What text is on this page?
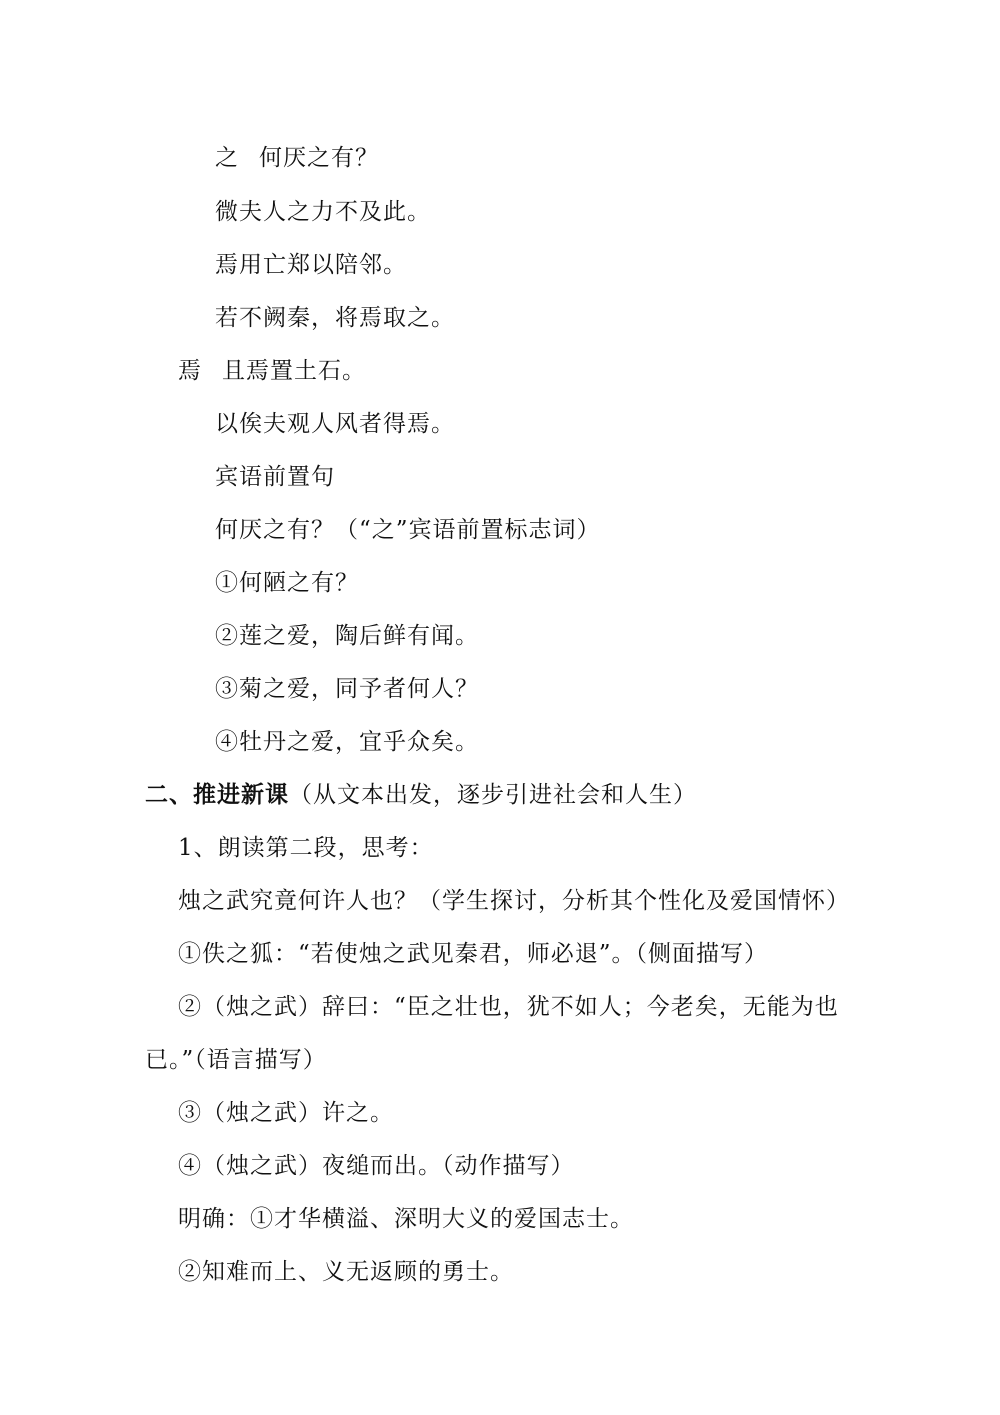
之 何厌之有？
微夫人之力不及此。
焉用亡郑以陪邻。
若不阙秦，将焉取之。
焉 且焉置土石。
以俟夫观人风者得焉。
宾语前置句
何厌之有？（“之”宾语前置标志词）
①何陋之有？
②莲之爱，陶后鲜有闻。
③菊之爱，同予者何人？
④牡丹之爱，宜乎众矣。
二、推进新课（从文本出发，逐步引进社会和人生）
1、朗读第二段，思考：
烛之武究竟何许人也？（学生探讨，分析其个性化及爱国情怀）
①佚之狐：“若使烛之武见秦君，师必退”。（侧面描写）
②（烛之武）辞曰：“臣之壮也，犹不如人；今老矣，无能为也
已。”（语言描写）
③（烛之武）许之。
④（烛之武）夜缒而出。（动作描写）
明确：①才华横溢、深明大义的爱国志士。
②知难而上、义无返顾的勇士。
